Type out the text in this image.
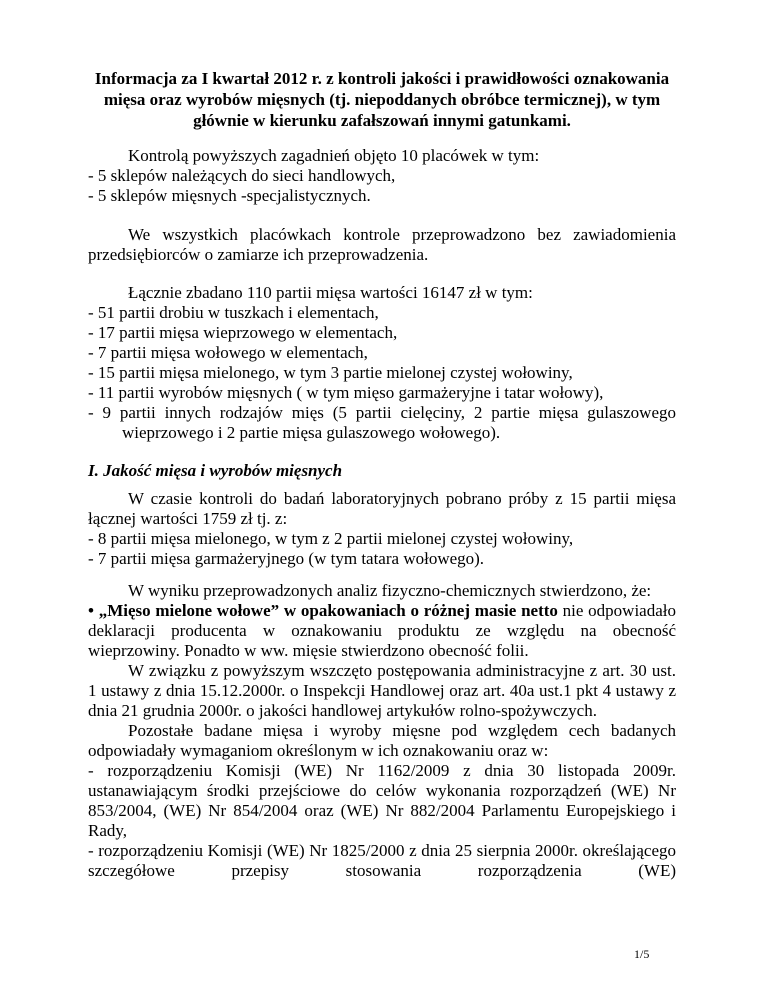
Informacja za I kwartał 2012 r. z kontroli jakości i prawidłowości oznakowania mięsa oraz wyrobów mięsnych (tj. niepoddanych obróbce termicznej), w tym głównie w kierunku zafałszowań innymi gatunkami.
Kontrolą powyższych zagadnień objęto 10 placówek w tym:
- 5 sklepów należących do sieci handlowych,
- 5 sklepów mięsnych -specjalistycznych.
We wszystkich placówkach kontrole przeprowadzono bez zawiadomienia przedsiębiorców o zamiarze ich przeprowadzenia.
Łącznie zbadano 110 partii mięsa wartości 16147 zł w tym:
- 51 partii drobiu w tuszkach i elementach,
- 17 partii mięsa wieprzowego w elementach,
- 7 partii mięsa wołowego w elementach,
- 15 partii mięsa mielonego, w tym 3 partie mielonej czystej wołowiny,
- 11 partii wyrobów mięsnych ( w tym mięso garmażeryjne i tatar wołowy),
- 9 partii innych rodzajów mięs (5 partii cielęciny, 2 partie mięsa gulaszowego wieprzowego i 2 partie mięsa gulaszowego wołowego).
I. Jakość mięsa i wyrobów mięsnych
W czasie kontroli do badań laboratoryjnych pobrano próby z 15 partii mięsa łącznej wartości 1759 zł tj. z:
- 8 partii mięsa mielonego, w tym z 2 partii mielonej czystej wołowiny,
- 7 partii mięsa garmażeryjnego (w tym tatara wołowego).
W wyniku przeprowadzonych analiz fizyczno-chemicznych stwierdzono, że:
• „Mięso mielone wołowe” w opakowaniach o różnej masie netto nie odpowiadało deklaracji producenta w oznakowaniu produktu ze względu na obecność wieprzowiny. Ponadto w ww. mięsie stwierdzono obecność folii.
W związku z powyższym wszczęto postępowania administracyjne z art. 30 ust. 1 ustawy z dnia 15.12.2000r. o Inspekcji Handlowej oraz art. 40a ust.1 pkt 4 ustawy z dnia 21 grudnia 2000r. o jakości handlowej artykułów rolno-spożywczych.
Pozostałe badane mięsa i wyroby mięsne pod względem cech badanych odpowiadały wymaganiom określonym w ich oznakowaniu oraz w:
- rozporządzeniu Komisji (WE) Nr 1162/2009 z dnia 30 listopada 2009r. ustanawiającym środki przejściowe do celów wykonania rozporządzeń (WE) Nr 853/2004, (WE) Nr 854/2004 oraz (WE) Nr 882/2004 Parlamentu Europejskiego i Rady,
- rozporządzeniu Komisji (WE) Nr 1825/2000 z dnia 25 sierpnia 2000r. określającego szczegółowe przepisy stosowania rozporządzenia (WE)
1/5
